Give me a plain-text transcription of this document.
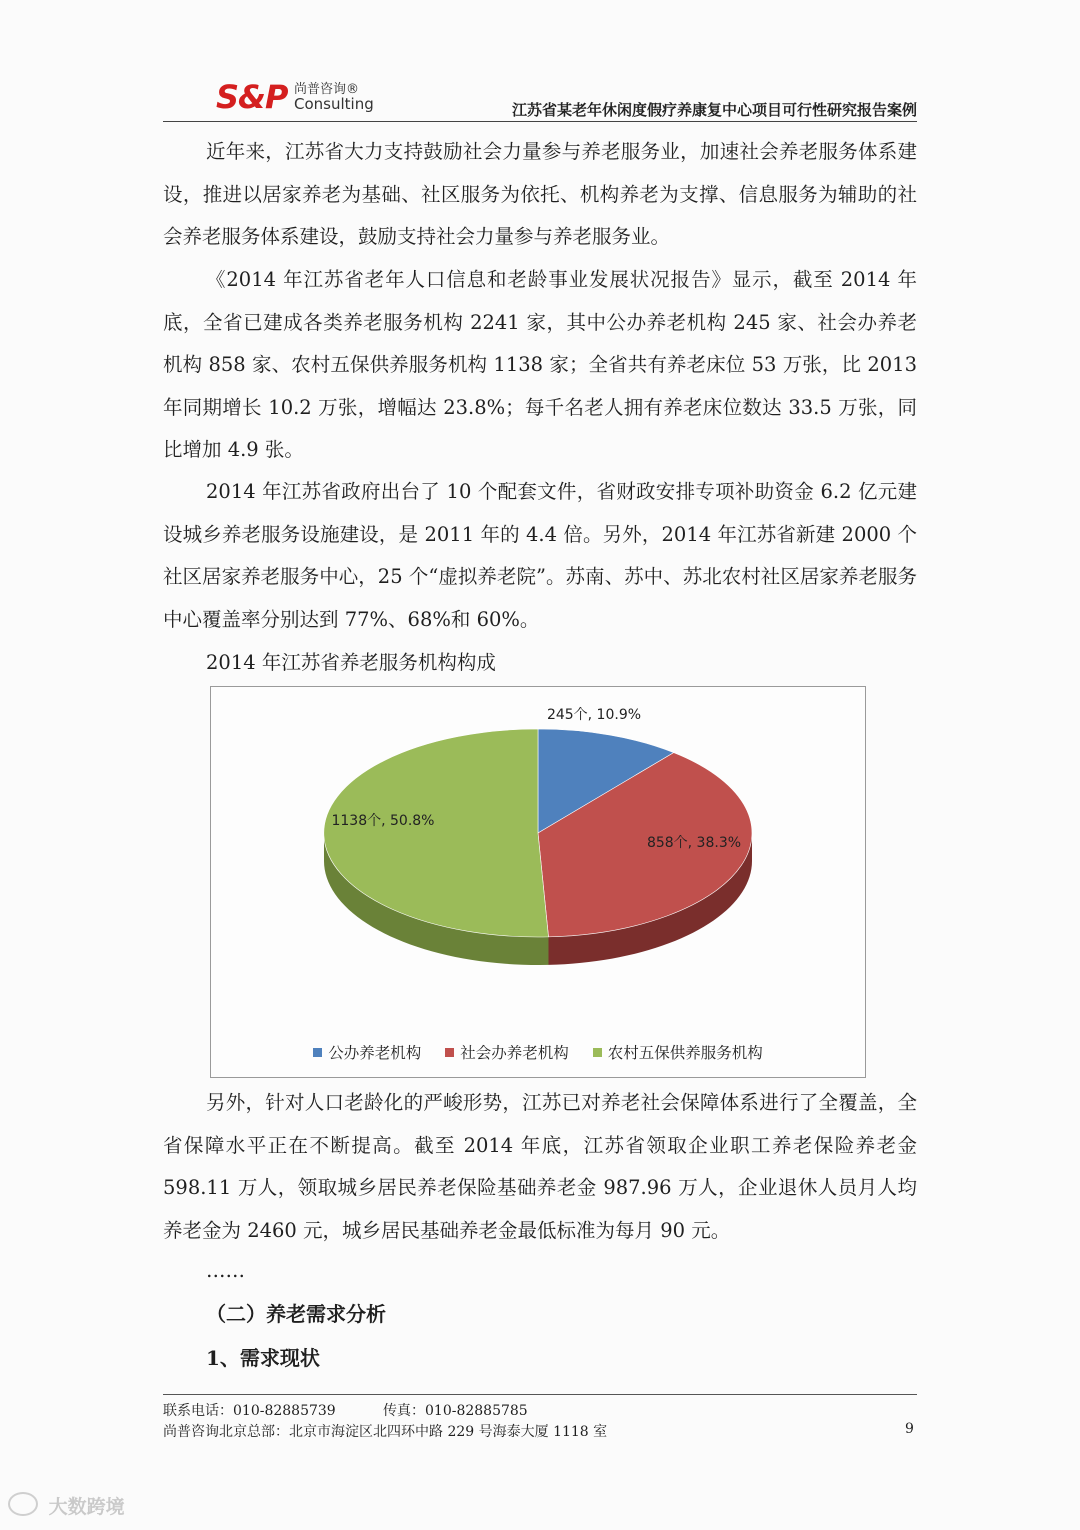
S&P 尚普咨询®
Consulting	江苏省某老年休闲度假疗养康复中心项目可行性研究报告案例
近年来，江苏省大力支持鼓励社会力量参与养老服务业，加速社会养老服务体系建设，推进以居家养老为基础、社区服务为依托、机构养老为支撑、信息服务为辅助的社会养老服务体系建设，鼓励支持社会力量参与养老服务业。
《2014 年江苏省老年人口信息和老龄事业发展状况报告》显示，截至 2014 年底，全省已建成各类养老服务机构 2241 家，其中公办养老机构 245 家、社会办养老机构 858 家、农村五保供养服务机构 1138 家；全省共有养老床位 53 万张，比 2013 年同期增长 10.2 万张，增幅达 23.8%；每千名老人拥有养老床位数达 33.5 万张，同比增加 4.9 张。
2014 年江苏省政府出台了 10 个配套文件，省财政安排专项补助资金 6.2 亿元建设城乡养老服务设施建设，是 2011 年的 4.4 倍。另外，2014 年江苏省新建 2000 个社区居家养老服务中心，25 个“虚拟养老院”。苏南、苏中、苏北农村社区居家养老服务中心覆盖率分别达到 77%、68%和 60%。
2014 年江苏省养老服务机构构成
245个, 10.9%
858个, 38.3%
1138个, 50.8%
公办养老机构	社会办养老机构	农村五保供养服务机构
另外，针对人口老龄化的严峻形势，江苏已对养老社会保障体系进行了全覆盖，全省保障水平正在不断提高。截至 2014 年底，江苏省领取企业职工养老保险养老金 598.11 万人，领取城乡居民养老保险基础养老金 987.96 万人，企业退休人员月人均养老金为 2460 元，城乡居民基础养老金最低标准为每月 90 元。
……
（二）养老需求分析
1、需求现状
联系电话：010-82885739	传真：010-82885785
尚普咨询北京总部：北京市海淀区北四环中路 229 号海泰大厦 1118 室	9
大数跨境
